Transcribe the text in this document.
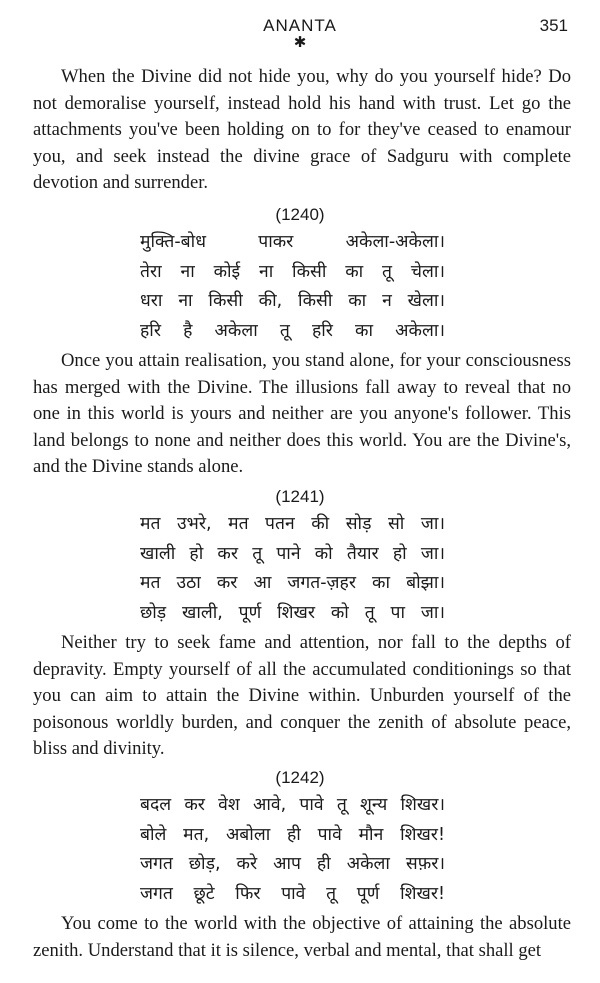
ANANTA	351
✱

When the Divine did not hide you, why do you yourself hide? Do not demoralise yourself, instead hold his hand with trust. Let go the attachments you've been holding on to for they've ceased to enamour you, and seek instead the divine grace of Sadguru with complete devotion and surrender.

(1240)
मुक्ति-बोध पाकर अकेला-अकेला।
तेरा ना कोई ना किसी का तू चेला।
धरा ना किसी की, किसी का न खेला।
हरि है अकेला तू हरि का अकेला।

Once you attain realisation, you stand alone, for your consciousness has merged with the Divine. The illusions fall away to reveal that no one in this world is yours and neither are you anyone's follower. This land belongs to none and neither does this world. You are the Divine's, and the Divine stands alone.

(1241)
मत उभरे, मत पतन की सोड़ सो जा।
खाली हो कर तू पाने को तैयार हो जा।
मत उठा कर आ जगत-ज़हर का बोझा।
छोड़ खाली, पूर्ण शिखर को तू पा जा।

Neither try to seek fame and attention, nor fall to the depths of depravity. Empty yourself of all the accumulated conditionings so that you can aim to attain the Divine within. Unburden yourself of the poisonous worldly burden, and conquer the zenith of absolute peace, bliss and divinity.

(1242)
बदल कर वेश आवे, पावे तू शून्य शिखर।
बोले मत, अबोला ही पावे मौन शिखर!
जगत छोड़, करे आप ही अकेला सफ़र।
जगत छूटे फिर पावे तू पूर्ण शिखर!

You come to the world with the objective of attaining the absolute zenith. Understand that it is silence, verbal and mental, that shall get
